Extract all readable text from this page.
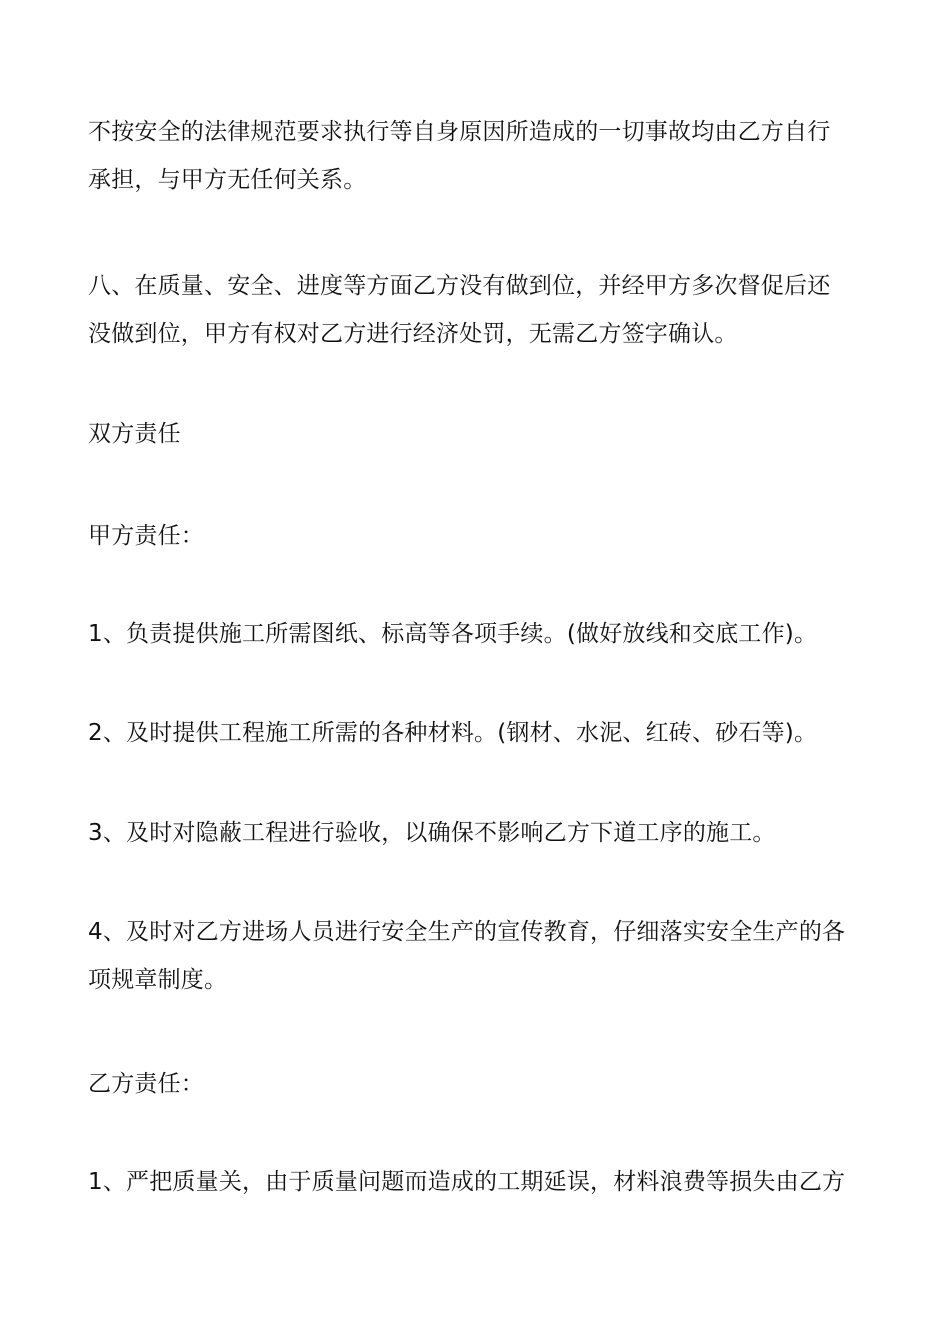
不按安全的法律规范要求执行等自身原因所造成的一切事故均由乙方自行
承担，与甲方无任何关系。

八、在质量、安全、进度等方面乙方没有做到位，并经甲方多次督促后还
没做到位，甲方有权对乙方进行经济处罚，无需乙方签字确认。

双方责任

甲方责任：

1、负责提供施工所需图纸、标高等各项手续。(做好放线和交底工作)。

2、及时提供工程施工所需的各种材料。(钢材、水泥、红砖、砂石等)。

3、及时对隐蔽工程进行验收，以确保不影响乙方下道工序的施工。

4、及时对乙方进场人员进行安全生产的宣传教育，仔细落实安全生产的各
项规章制度。

乙方责任：

1、严把质量关，由于质量问题而造成的工期延误，材料浪费等损失由乙方
